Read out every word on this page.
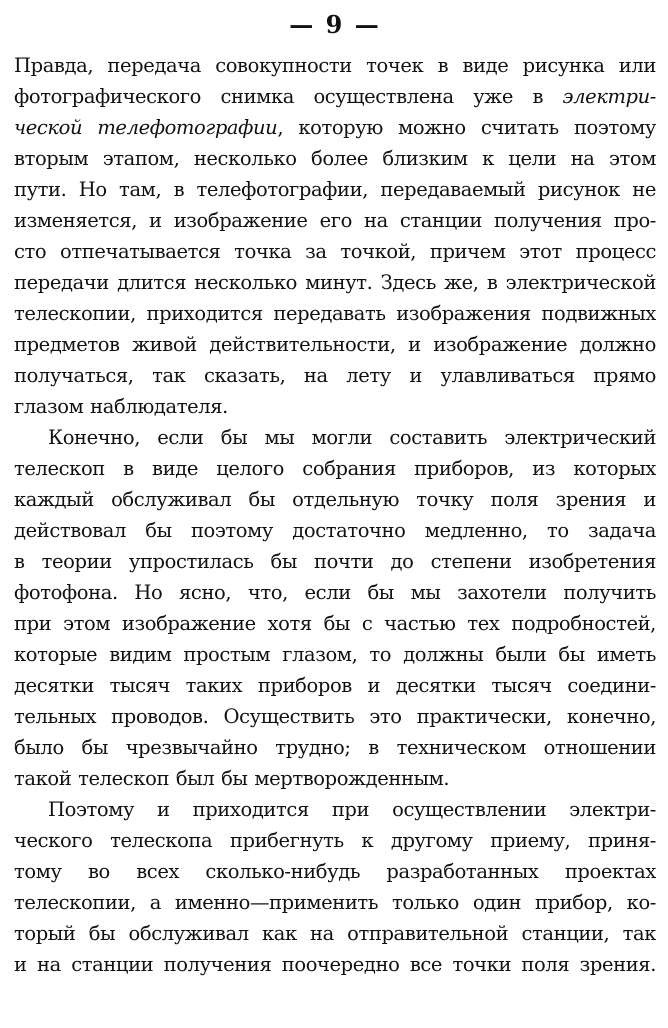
— 9 —
Правда, передача совокупности точек в виде рисунка или
фотографического снимка осуществлена уже в электри-
ческой телефотографии, которую можно считать поэтому
вторым этапом, несколько более близким к цели на этом
пути. Но там, в телефотографии, передаваемый рисунок не
изменяется, и изображение его на станции получения про-
сто отпечатывается точка за точкой, причем этот процесс
передачи длится несколько минут. Здесь же, в электрической
телескопии, приходится передавать изображения подвижных
предметов живой действительности, и изображение должно
получаться, так сказать, на лету и улавливаться прямо
глазом наблюдателя.
Конечно, если бы мы могли составить электрический
телескоп в виде целого собрания приборов, из которых
каждый обслуживал бы отдельную точку поля зрения и
действовал бы поэтому достаточно медленно, то задача
в теории упростилась бы почти до степени изобретения
фотофона. Но ясно, что, если бы мы захотели получить
при этом изображение хотя бы с частью тех подробностей,
которые видим простым глазом, то должны были бы иметь
десятки тысяч таких приборов и десятки тысяч соедини-
тельных проводов. Осуществить это практически, конечно,
было бы чрезвычайно трудно; в техническом отношении
такой телескоп был бы мертворожденным.
Поэтому и приходится при осуществлении электри-
ческого телескопа прибегнуть к другому приему, приня-
тому во всех сколько-нибудь разработанных проектах
телескопии, а именно—применить только один прибор, ко-
торый бы обслуживал как на отправительной станции, так
и на станции получения поочередно все точки поля зрения.
